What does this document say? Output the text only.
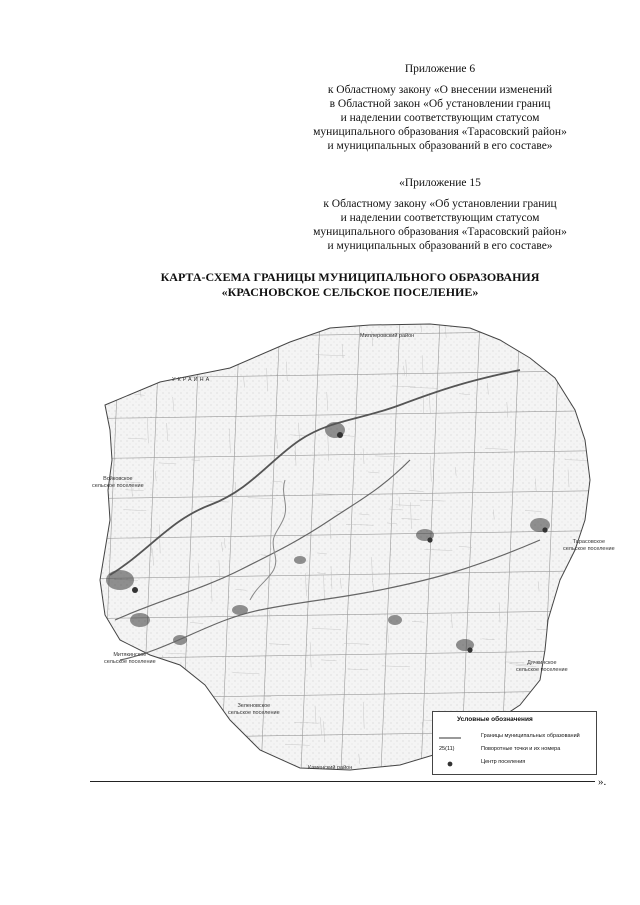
Приложение 6
к Областному закону «О внесении изменений
в Областной закон «Об установлении границ
и наделении соответствующим статусом
муниципального образования «Тарасовский район»
и муниципальных образований в его составе»
«Приложение 15
к Областному закону «Об установлении границ
и наделении соответствующим статусом
муниципального образования «Тарасовский район»
и муниципальных образований в его составе»
КАРТА-СХЕМА ГРАНИЦЫ МУНИЦИПАЛЬНОГО ОБРАЗОВАНИЯ
«КРАСНОВСКОЕ СЕЛЬСКОЕ ПОСЕЛЕНИЕ»
Миллеровский район
УКРАИНА
Войковское
сельское поселение
Тарасовское
сельское поселение
Митякинское
сельское поселение	Дячкинское
сельское поселение
Зеленовское
сельское поселение
Каменский район
Условные обозначения
Границы муниципальных образований
25(11)	Поворотные точки и их номера
Центр поселения
».
